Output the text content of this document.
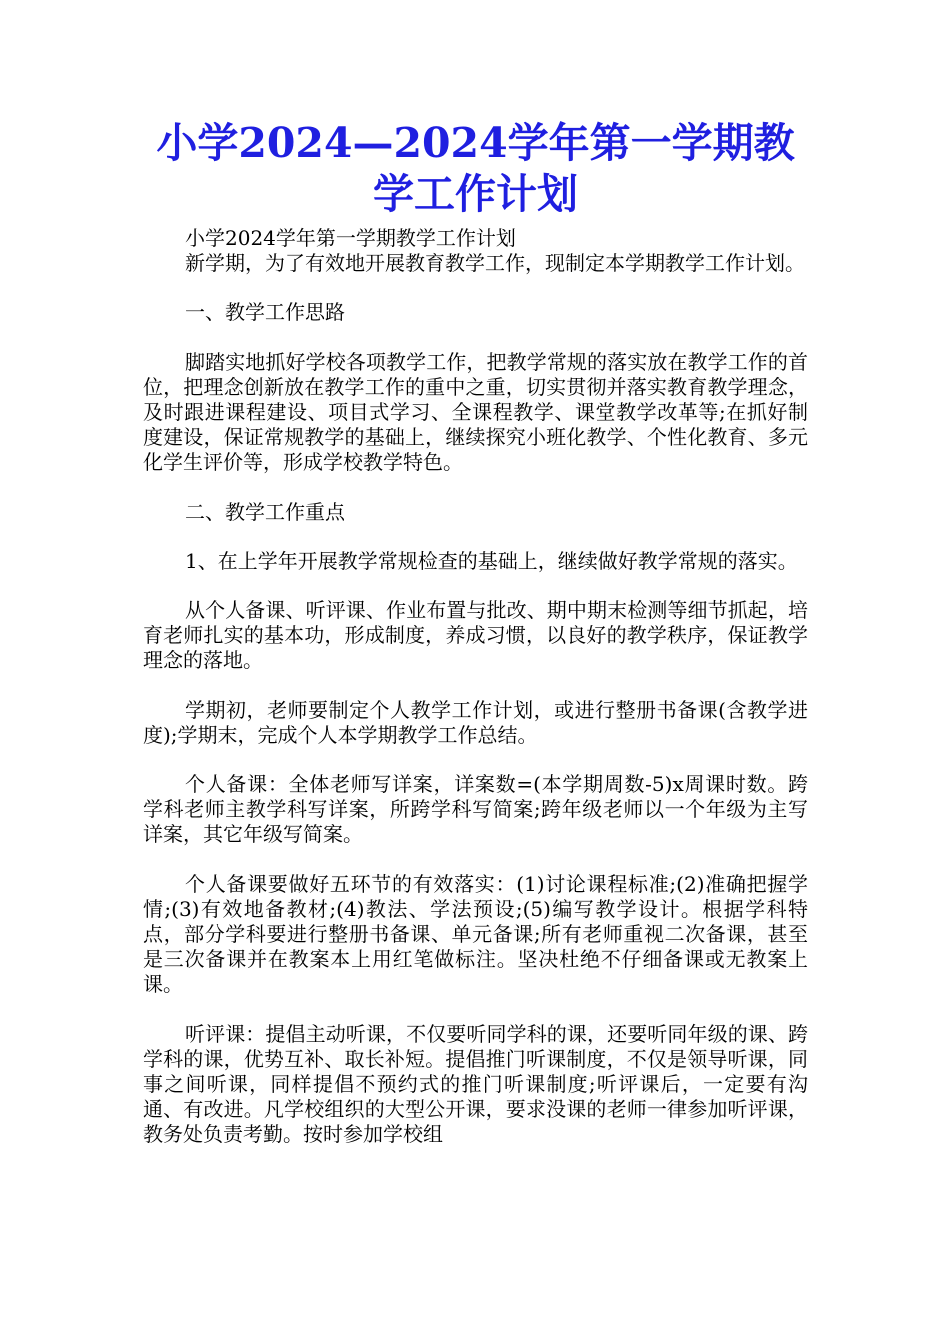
小学2024—2024学年第一学期教学工作计划

小学2024学年第一学期教学工作计划

新学期，为了有效地开展教育教学工作，现制定本学期教学工作计划。

一、教学工作思路

脚踏实地抓好学校各项教学工作，把教学常规的落实放在教学工作的首位，把理念创新放在教学工作的重中之重，切实贯彻并落实教育教学理念，及时跟进课程建设、项目式学习、全课程教学、课堂教学改革等;在抓好制度建设，保证常规教学的基础上，继续探究小班化教学、个性化教育、多元化学生评价等，形成学校教学特色。

二、教学工作重点

1、在上学年开展教学常规检查的基础上，继续做好教学常规的落实。

从个人备课、听评课、作业布置与批改、期中期末检测等细节抓起，培育老师扎实的基本功，形成制度，养成习惯，以良好的教学秩序，保证教学理念的落地。

学期初，老师要制定个人教学工作计划，或进行整册书备课(含教学进度);学期末，完成个人本学期教学工作总结。

个人备课：全体老师写详案，详案数=(本学期周数-5)x周课时数。跨学科老师主教学科写详案，所跨学科写简案;跨年级老师以一个年级为主写详案，其它年级写简案。

个人备课要做好五环节的有效落实：(1)讨论课程标准;(2)准确把握学情;(3)有效地备教材;(4)教法、学法预设;(5)编写教学设计。根据学科特点，部分学科要进行整册书备课、单元备课;所有老师重视二次备课，甚至是三次备课并在教案本上用红笔做标注。坚决杜绝不仔细备课或无教案上课。

听评课：提倡主动听课，不仅要听同学科的课，还要听同年级的课、跨学科的课，优势互补、取长补短。提倡推门听课制度，不仅是领导听课，同事之间听课，同样提倡不预约式的推门听课制度;听评课后，一定要有沟通、有改进。凡学校组织的大型公开课，要求没课的老师一律参加听评课，教务处负责考勤。按时参加学校组
